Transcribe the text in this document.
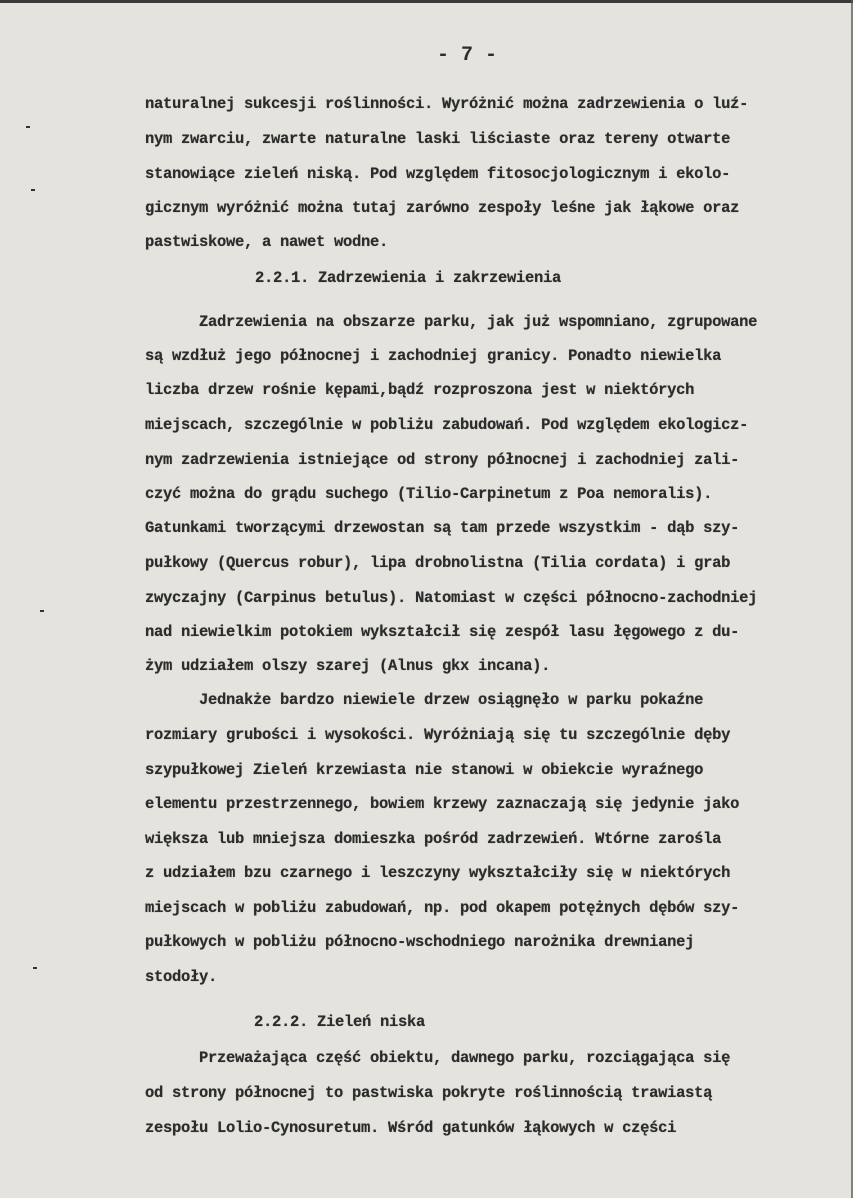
- 7 -
naturalnej sukcesji roślinności. Wyróżnić można zadrzewienia o luź-
nym zwarciu, zwarte naturalne laski liściaste oraz tereny otwarte
stanowiące zieleń niską. Pod względem fitosocjologicznym i ekolo-
gicznym wyróżnić można tutaj zarówno zespoły leśne jak łąkowe oraz
pastwiskowe, a nawet wodne.
2.2.1. Zadrzewienia i zakrzewienia
Zadrzewienia na obszarze parku, jak już wspomniano, zgrupowane
są wzdłuż jego północnej i zachodniej granicy. Ponadto niewielka
liczba drzew rośnie kępami,bądź rozproszona jest w niektórych
miejscach, szczególnie w pobliżu zabudowań. Pod względem ekologicz-
nym zadrzewienia istniejące od strony północnej i zachodniej zali-
czyć można do grądu suchego (Tilio-Carpinetum z Poa nemoralis).
Gatunkami tworzącymi drzewostan są tam przede wszystkim - dąb szy-
pułkowy (Quercus robur), lipa drobnolistna (Tilia cordata) i grab
zwyczajny (Carpinus betulus). Natomiast w części północno-zachodniej
nad niewielkim potokiem wykształcił się zespół lasu łęgowego z du-
żym udziałem olszy szarej (Alnus gkx incana).
Jednakże bardzo niewiele drzew osiągnęło w parku pokaźne
rozmiary grubości i wysokości. Wyróżniają się tu szczególnie dęby
szypułkowej Zieleń krzewiasta nie stanowi w obiekcie wyraźnego
elementu przestrzennego, bowiem krzewy zaznaczają się jedynie jako
większa lub mniejsza domieszka pośród zadrzewień. Wtórne zarośla
z udziałem bzu czarnego i leszczyny wykształciły się w niektórych
miejscach w pobliżu zabudowań, np. pod okapem potężnych dębów szy-
pułkowych w pobliżu północno-wschodniego narożnika drewnianej
stodoły.
2.2.2. Zieleń niska
Przeważająca część obiektu, dawnego parku, rozciągająca się
od strony północnej to pastwiska pokryte roślinnością trawiastą
zespołu Lolio-Cynosuretum. Wśród gatunków łąkowych w części
